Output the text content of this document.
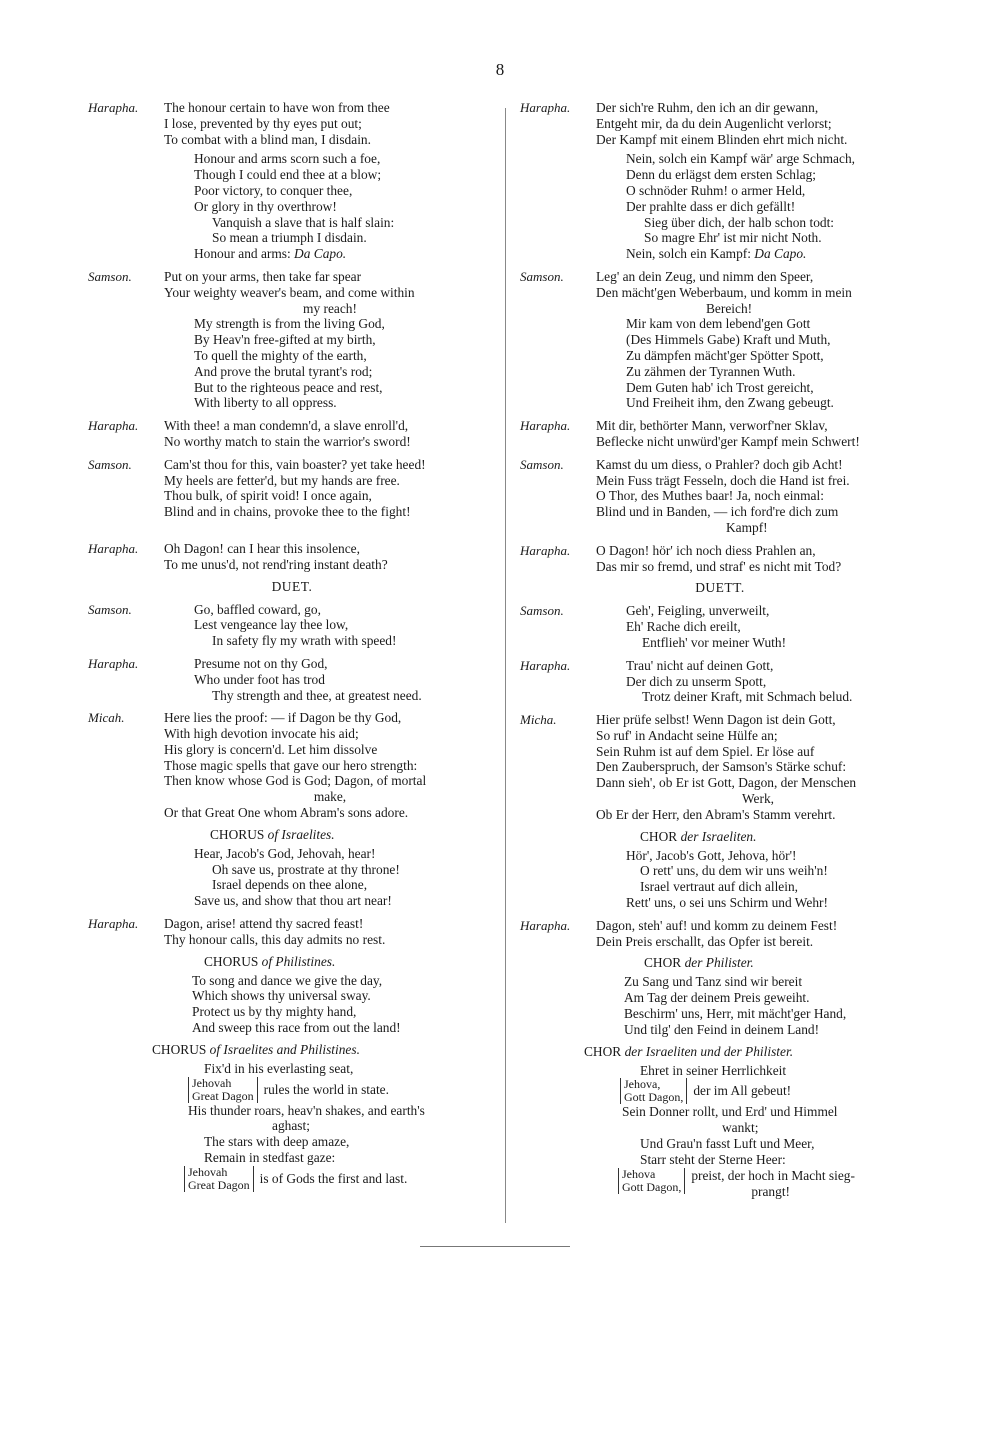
8
Harapha.	The honour certain to have won from thee
I lose, prevented by thy eyes put out;
To combat with a blind man, I disdain.
Honour and arms scorn such a foe,
Though I could end thee at a blow;
Poor victory, to conquer thee,
Or glory in thy overthrow!
Vanquish a slave that is half slain:
So mean a triumph I disdain.
Honour and arms: Da Capo.
Samson.	Put on your arms, then take far spear
Your weighty weaver's beam, and come within
my reach!
My strength is from the living God,
By Heav'n free-gifted at my birth,
To quell the mighty of the earth,
And prove the brutal tyrant's rod;
But to the righteous peace and rest,
With liberty to all oppress.
Harapha.	With thee! a man condemn'd, a slave enroll'd,
No worthy match to stain the warrior's sword!
Samson.	Cam'st thou for this, vain boaster? yet take heed!
My heels are fetter'd, but my hands are free.
Thou bulk, of spirit void! I once again,
Blind and in chains, provoke thee to the fight!
Harapha.	Oh Dagon! can I hear this insolence,
To me unus'd, not rend'ring instant death?
DUET.
Samson.	Go, baffled coward, go,
Lest vengeance lay thee low,
In safety fly my wrath with speed!
Harapha.	Presume not on thy God,
Who under foot has trod
Thy strength and thee, at greatest need.
Micah.	Here lies the proof: — if Dagon be thy God,
With high devotion invocate his aid;
His glory is concern'd. Let him dissolve
Those magic spells that gave our hero strength:
Then know whose God is God; Dagon, of mortal
make,
Or that Great One whom Abram's sons adore.
CHORUS of Israelites.
Hear, Jacob's God, Jehovah, hear!
Oh save us, prostrate at thy throne!
Israel depends on thee alone,
Save us, and show that thou art near!
Harapha.	Dagon, arise! attend thy sacred feast!
Thy honour calls, this day admits no rest.
CHORUS of Philistines.
To song and dance we give the day,
Which shows thy universal sway.
Protect us by thy mighty hand,
And sweep this race from out the land!
CHORUS of Israelites and Philistines.
Fix'd in his everlasting seat,
Jehovah
Great Dagon rules the world in state.
His thunder roars, heav'n shakes, and earth's
aghast;
The stars with deep amaze,
Remain in stedfast gaze:
Jehovah
Great Dagon is of Gods the first and last.
Harapha.	Der sich're Ruhm, den ich an dir gewann,
Entgeht mir, da du dein Augenlicht verlorst;
Der Kampf mit einem Blinden ehrt mich nicht.
Nein, solch ein Kampf wär' arge Schmach,
Denn du erlägst dem ersten Schlag;
O schnöder Ruhm! o armer Held,
Der prahlte dass er dich gefällt!
Sieg über dich, der halb schon todt:
So magre Ehr' ist mir nicht Noth.
Nein, solch ein Kampf: Da Capo.
Samson.	Leg' an dein Zeug, und nimm den Speer,
Den mächt'gen Weberbaum, und komm in mein
Bereich!
Mir kam von dem lebend'gen Gott
(Des Himmels Gabe) Kraft und Muth,
Zu dämpfen mächt'ger Spötter Spott,
Zu zähmen der Tyrannen Wuth.
Dem Guten hab' ich Trost gereicht,
Und Freiheit ihm, den Zwang gebeugt.
Harapha.	Mit dir, bethörter Mann, verworf'ner Sklav,
Beflecke nicht unwürd'ger Kampf mein Schwert!
Samson.	Kamst du um diess, o Prahler? doch gib Acht!
Mein Fuss trägt Fesseln, doch die Hand ist frei.
O Thor, des Muthes baar! Ja, noch einmal:
Blind und in Banden, — ich ford're dich zum
Kampf!
Harapha.	O Dagon! hör' ich noch diess Prahlen an,
Das mir so fremd, und straf' es nicht mit Tod?
DUETT.
Samson.	Geh', Feigling, unverweilt,
Eh' Rache dich ereilt,
Entflieh' vor meiner Wuth!
Harapha.	Trau' nicht auf deinen Gott,
Der dich zu unserm Spott,
Trotz deiner Kraft, mit Schmach belud.
Micha.	Hier prüfe selbst! Wenn Dagon ist dein Gott,
So ruf' in Andacht seine Hülfe an;
Sein Ruhm ist auf dem Spiel. Er löse auf
Den Zauberspruch, der Samson's Stärke schuf:
Dann sieh', ob Er ist Gott, Dagon, der Menschen
Werk,
Ob Er der Herr, den Abram's Stamm verehrt.
CHOR der Israeliten.
Hör', Jacob's Gott, Jehova, hör'!
O rett' uns, du dem wir uns weih'n!
Israel vertraut auf dich allein,
Rett' uns, o sei uns Schirm und Wehr!
Harapha.	Dagon, steh' auf! und komm zu deinem Fest!
Dein Preis erschallt, das Opfer ist bereit.
CHOR der Philister.
Zu Sang und Tanz sind wir bereit
Am Tag der deinem Preis geweiht.
Beschirm' uns, Herr, mit mächt'ger Hand,
Und tilg' den Feind in deinem Land!
CHOR der Israeliten und der Philister.
Ehret in seiner Herrlichkeit
Jehova,
Gott Dagon, der im All gebeut!
Sein Donner rollt, und Erd' und Himmel
wankt;
Und Grau'n fasst Luft und Meer,
Starr steht der Sterne Heer:
Jehova
Gott Dagon,
preist, der hoch in Macht sieg-
prangt!
